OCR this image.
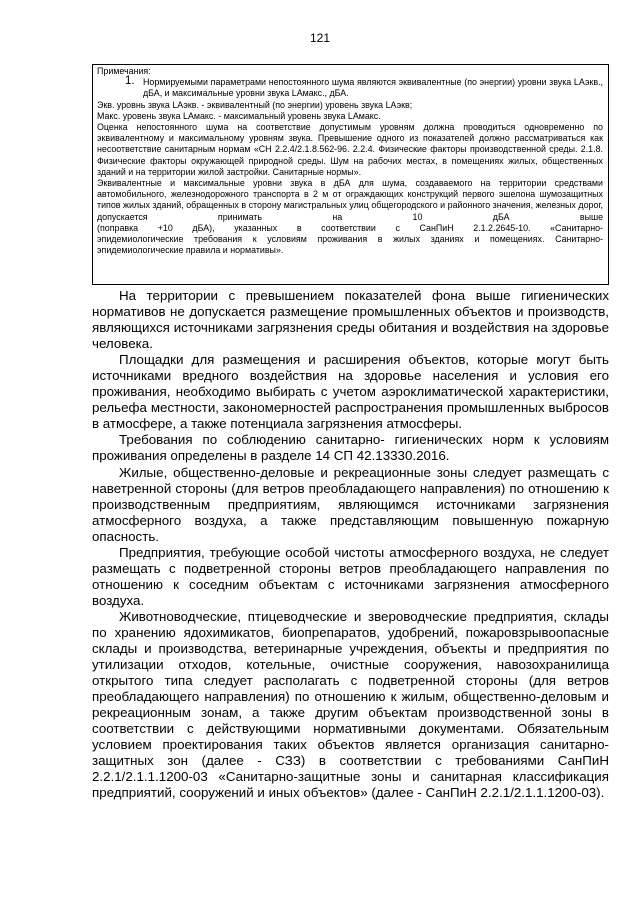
121

Примечания:

1. Нормируемыми параметрами непостоянного шума являются эквивалентные (по энергии) уровни звука LАэкв., дБА, и максимальные уровни звука LАмакс., дБА.

Экв. уровнь звука LАэкв. - эквивалентный (по энергии) уровень звука LАэкв;

Макс. уровень звука LАмакс. - максимальный уровень звука LАмакс.

Оценка непостоянного шума на соответствие допустимым уровням должна проводиться одновременно по эквивалентному и максимальному уровням звука. Превышение одного из показателей должно рассматриваться как несоответствие санитарным нормам «СН 2.2.4/2.1.8.562-96. 2.2.4. Физические факторы производственной среды. 2.1.8. Физические факторы окружающей природной среды. Шум на рабочих местах, в помещениях жилых, общественных зданий и на территории жилой застройки. Санитарные нормы».

Эквивалентные и максимальные уровни звука в дБА для шума, создаваемого на территории средствами автомобильного, железнодорожного транспорта в 2 м от ограждающих конструкций первого эшелона шумозащитных типов жилых зданий, обращенных в сторону магистральных улиц общегородского и районного значения, железных дорог, допускается принимать на 10 дБА выше

(поправка +10 дБА), указанных в соответствии с СанПиН 2.1.2.2645-10. «Санитарно-

эпидемиологические требования к условиям проживания в жилых зданиях и помещениях. Санитарно-эпидемиологические правила и нормативы».

На территории с превышением показателей фона выше гигиенических нормативов не допускается размещение промышленных объектов и производств, являющихся источниками загрязнения среды обитания и воздействия на здоровье человека.

Площадки для размещения и расширения объектов, которые могут быть источниками вредного воздействия на здоровье населения и условия его проживания, необходимо выбирать с учетом аэроклиматической характеристики, рельефа местности, закономерностей распространения промышленных выбросов в атмосфере, а также потенциала загрязнения атмосферы.

Требования по соблюдению санитарно- гигиенических норм к условиям проживания определены в разделе 14 СП 42.13330.2016.

Жилые, общественно-деловые и рекреационные зоны следует размещать с наветренной стороны (для ветров преобладающего направления) по отношению к производственным предприятиям, являющимся источниками загрязнения атмосферного воздуха, а также представляющим повышенную пожарную опасность.

Предприятия, требующие особой чистоты атмосферного воздуха, не следует размещать с подветренной стороны ветров преобладающего направления по отношению к соседним объектам с источниками загрязнения атмосферного воздуха.

Животноводческие, птицеводческие и звероводческие предприятия, склады по хранению ядохимикатов, биопрепаратов, удобрений, пожаровзрывоопасные склады и производства, ветеринарные учреждения, объекты и предприятия по утилизации отходов, котельные, очистные сооружения, навозохранилища открытого типа следует располагать с подветренной стороны (для ветров преобладающего направления) по отношению к жилым, общественно-деловым и рекреационным зонам, а также другим объектам производственной зоны в соответствии с действующими нормативными документами. Обязательным условием проектирования таких объектов является организация санитарно-защитных зон (далее - СЗЗ) в соответствии с требованиями СанПиН 2.2.1/2.1.1.1200-03 «Санитарно-защитные зоны и санитарная классификация предприятий, сооружений и иных объектов» (далее - СанПиН 2.2.1/2.1.1.1200-03).
